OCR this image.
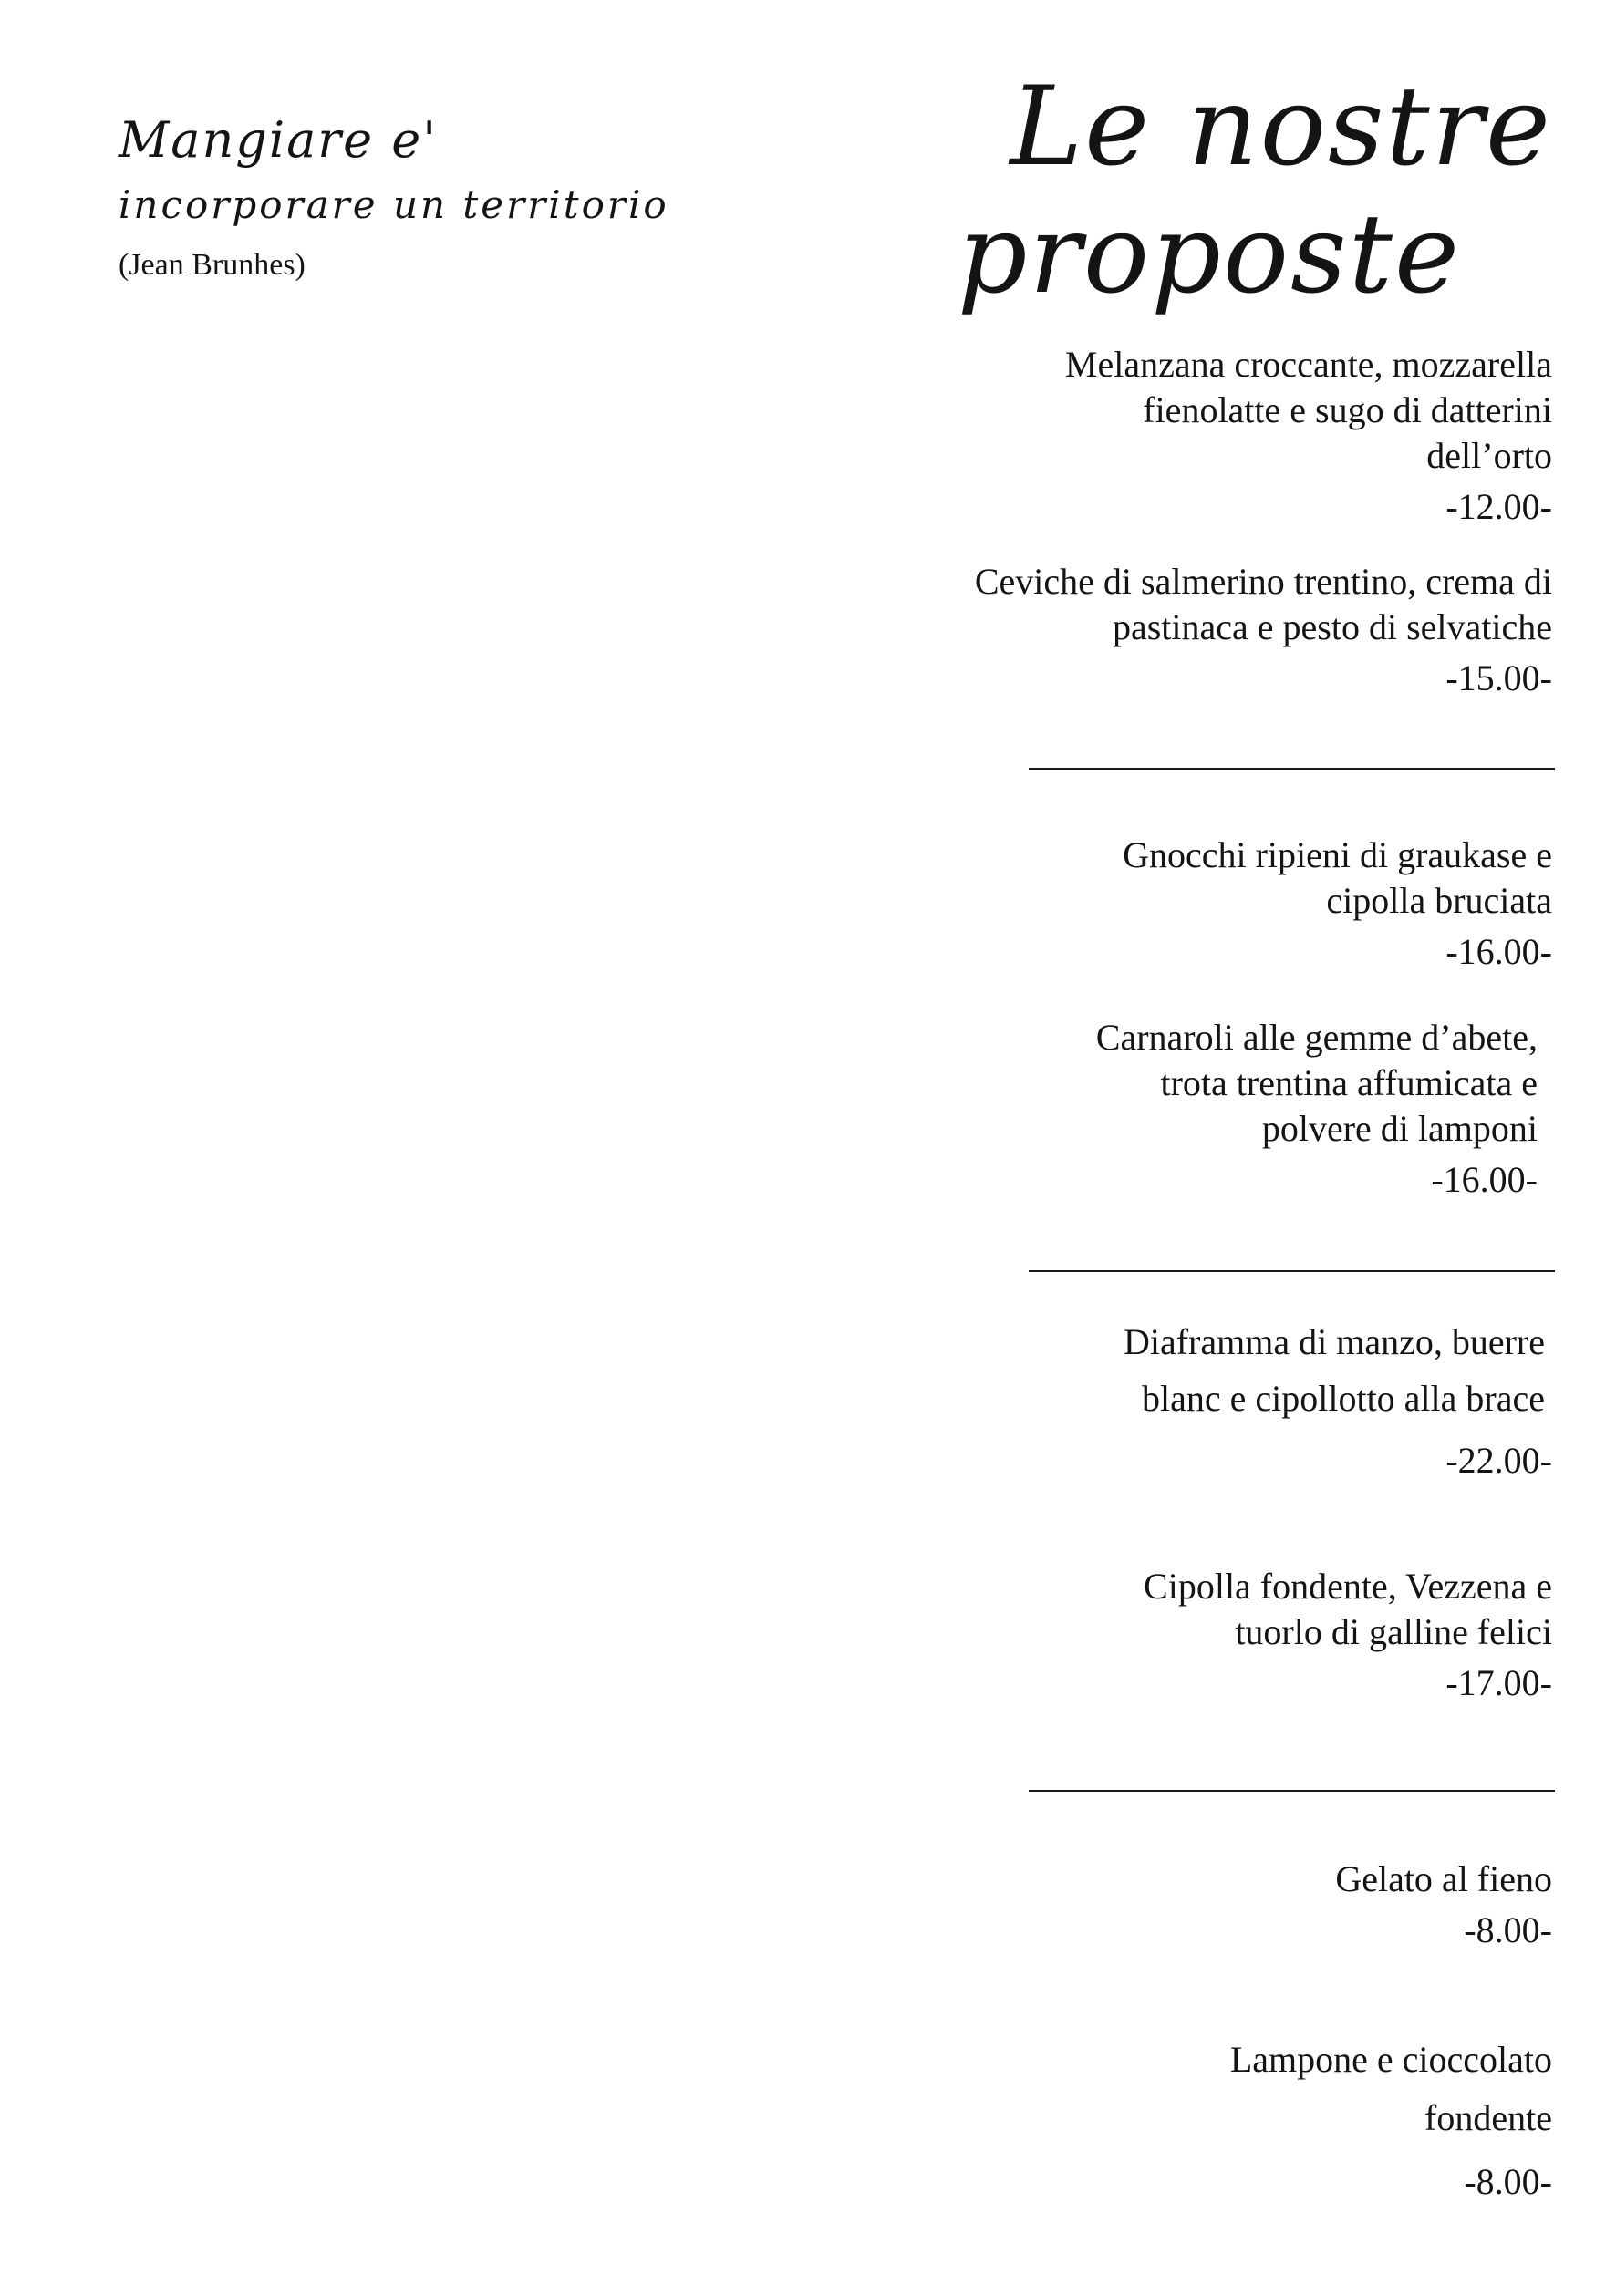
Mangiare e'
incorporare un territorio
(Jean Brunhes)
Le nostre
proposte
Melanzana croccante, mozzarella
fienolatte e sugo di datterini
dell’orto
-12.00-
Ceviche di salmerino trentino, crema di
pastinaca e pesto di selvatiche
-15.00-
Gnocchi ripieni di graukase e
cipolla bruciata
-16.00-
Carnaroli alle gemme d’abete,
trota trentina affumicata e
polvere di lamponi
-16.00-
Diaframma di manzo, buerre
blanc e cipollotto alla brace
-22.00-
Cipolla fondente, Vezzena e
tuorlo di galline felici
-17.00-
Gelato al fieno
-8.00-
Lampone e cioccolato
fondente
-8.00-
